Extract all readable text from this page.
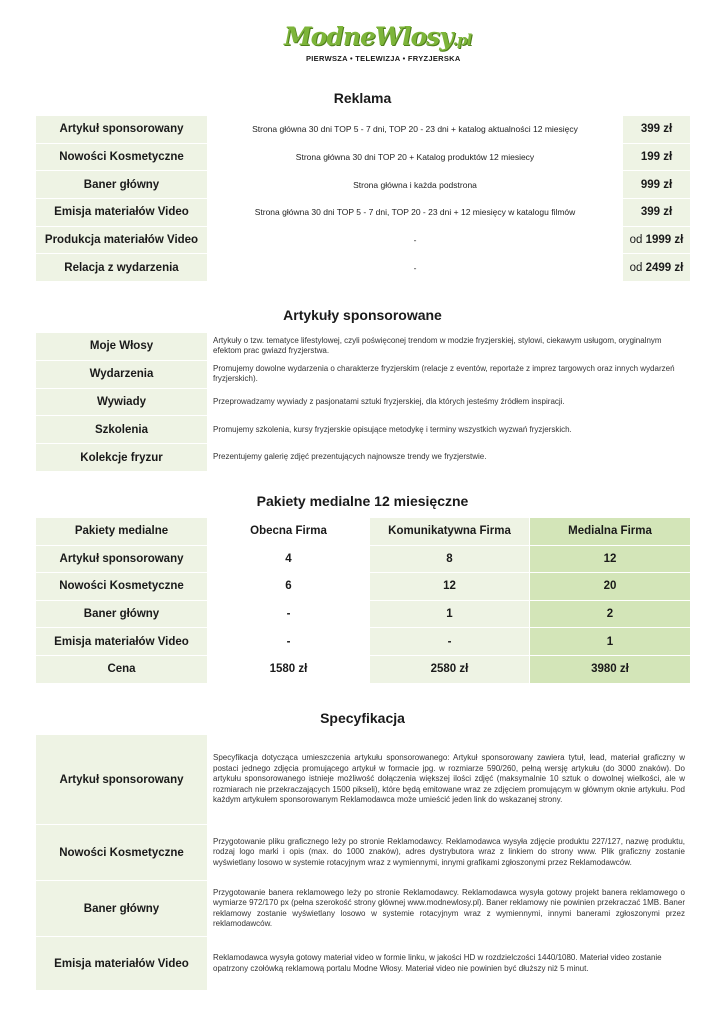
ModneWlosy.pl
PIERWSZA • TELEWIZJA • FRYZJERSKA
Reklama
Artykuł sponsorowany	Strona główna 30 dni TOP 5 - 7 dni, TOP 20 - 23 dni + katalog aktualności 12 miesięcy	399 zł
Nowości Kosmetyczne	Strona główna 30 dni TOP 20 + Katalog produktów 12 miesiecy	199 zł
Baner główny	Strona główna i każda podstrona	999 zł
Emisja materiałów Video	Strona główna 30 dni TOP 5 - 7 dni, TOP 20 - 23 dni + 12 miesięcy w katalogu filmów	399 zł
Produkcja materiałów Video	-	od 1999 zł
Relacja z wydarzenia	-	od 2499 zł
Artykuły sponsorowane
Moje Włosy	Artykuły o tzw. tematyce lifestylowej, czyli poświęconej trendom w modzie fryzjerskiej, stylowi, ciekawym usługom, oryginalnym efektom prac gwiazd fryzjerstwa.
Wydarzenia	Promujemy dowolne wydarzenia o charakterze fryzjerskim (relacje z eventów, reportaże z imprez targowych oraz innych wydarzeń fryzjerskich).
Wywiady	Przeprowadzamy wywiady z pasjonatami sztuki fryzjerskiej, dla których jesteśmy źródłem inspiracji.
Szkolenia	Promujemy szkolenia, kursy fryzjerskie opisujące metodykę i terminy wszystkich wyzwań fryzjerskich.
Kolekcje fryzur	Prezentujemy galerię zdjęć prezentujących najnowsze trendy we fryzjerstwie.
Pakiety medialne 12 miesięczne
Pakiety medialne	Obecna Firma	Komunikatywna Firma	Medialna Firma
Artykuł sponsorowany	4	8	12
Nowości Kosmetyczne	6	12	20
Baner główny	-	1	2
Emisja materiałów Video	-	-	1
Cena	1580 zł	2580 zł	3980 zł
Specyfikacja
Artykuł sponsorowany	Specyfikacja dotycząca umieszczenia artykułu sponsorowanego: Artykuł sponsorowany zawiera tytuł, lead, materiał graficzny w postaci jednego zdjęcia promującego artykuł w formacie jpg. w rozmiarze 590/260, pełną wersję artykułu (do 3000 znaków). Do artykułu sponsorowanego istnieje możliwość dołączenia większej ilości zdjęć (maksymalnie 10 sztuk o dowolnej wielkości, ale w rozmiarach nie przekraczających 1500 pikseli), które będą emitowane wraz ze zdjęciem promującym w głównym oknie artykułu. Pod każdym artykułem sponsorowanym Reklamodawca może umieścić jeden link do wskazanej strony.
Nowości Kosmetyczne	Przygotowanie pliku graficznego leży po stronie Reklamodawcy. Reklamodawca wysyła zdjęcie produktu 227/127, nazwę produktu, rodzaj logo marki i opis (max. do 1000 znaków), adres dystrybutora wraz z linkiem do strony www. Plik graficzny zostanie wyświetlany losowo w systemie rotacyjnym wraz z wymiennymi, innymi grafikami zgłoszonymi przez Reklamodawców.
Baner główny	Przygotowanie banera reklamowego leży po stronie Reklamodawcy. Reklamodawca wysyła gotowy projekt banera reklamowego o wymiarze 972/170 px (pełna szerokość strony głównej www.modnewlosy.pl). Baner reklamowy nie powinien przekraczać 1MB. Baner reklamowy zostanie wyświetlany losowo w systemie rotacyjnym wraz z wymiennymi, innymi banerami zgłoszonymi przez reklamodawców.
Emisja materiałów Video	Reklamodawca wysyła gotowy materiał video w formie linku, w jakości HD w rozdzielczości 1440/1080. Materiał video zostanie opatrzony czołówką reklamową portalu Modne Włosy. Materiał video nie powinien być dłuższy niż 5 minut.
